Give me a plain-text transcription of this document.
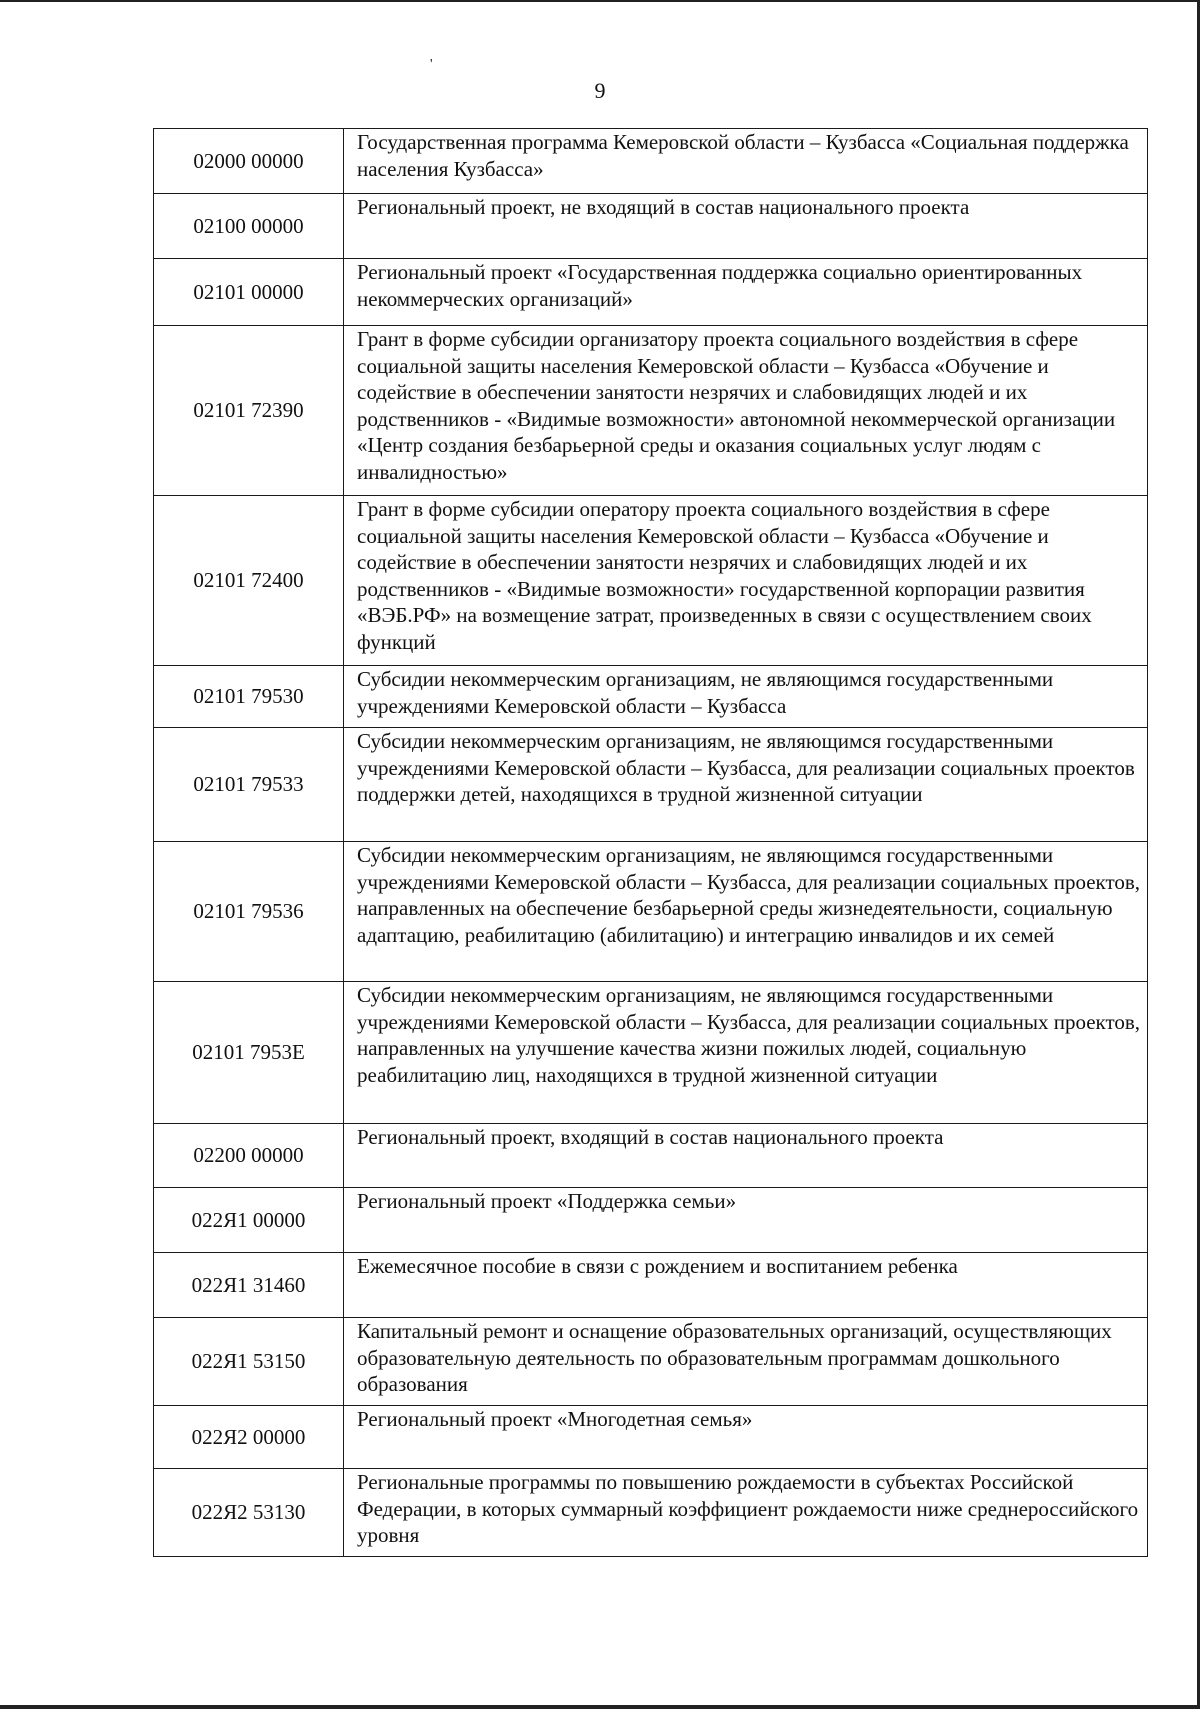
'
9
02000 00000	Государственная программа Кемеровской области – Кузбасса «Социальная поддержка населения Кузбасса»
02100 00000	Региональный проект, не входящий в состав национального проекта
02101 00000	Региональный проект «Государственная поддержка социально ориентированных некоммерческих организаций»
02101 72390	Грант в форме субсидии организатору проекта социального воздействия в сфере социальной защиты населения Кемеровской области – Кузбасса «Обучение и содействие в обеспечении занятости незрячих и слабовидящих людей и их родственников - «Видимые возможности» автономной некоммерческой организации «Центр создания безбарьерной среды и оказания социальных услуг людям с инвалидностью»
02101 72400	Грант в форме субсидии оператору проекта социального воздействия в сфере социальной защиты населения Кемеровской области – Кузбасса «Обучение и содействие в обеспечении занятости незрячих и слабовидящих людей и их родственников - «Видимые возможности» государственной корпорации развития «ВЭБ.РФ» на возмещение затрат, произведенных в связи с осуществлением своих функций
02101 79530	Субсидии некоммерческим организациям, не являющимся государственными учреждениями Кемеровской области – Кузбасса
02101 79533	Субсидии некоммерческим организациям, не являющимся государственными учреждениями Кемеровской области – Кузбасса, для реализации социальных проектов поддержки детей, находящихся в трудной жизненной ситуации
02101 79536	Субсидии некоммерческим организациям, не являющимся государственными учреждениями Кемеровской области – Кузбасса, для реализации социальных проектов, направленных на обеспечение безбарьерной среды жизнедеятельности, социальную адаптацию, реабилитацию (абилитацию) и интеграцию инвалидов и их семей
02101 7953Е	Субсидии некоммерческим организациям, не являющимся государственными учреждениями Кемеровской области – Кузбасса, для реализации социальных проектов, направленных на улучшение качества жизни пожилых людей, социальную реабилитацию лиц, находящихся в трудной жизненной ситуации
02200 00000	Региональный проект, входящий в состав национального проекта
022Я1 00000	Региональный проект «Поддержка семьи»
022Я1 31460	Ежемесячное пособие в связи с рождением и воспитанием ребенка
022Я1 53150	Капитальный ремонт и оснащение образовательных организаций, осуществляющих образовательную деятельность по образовательным программам дошкольного образования
022Я2 00000	Региональный проект «Многодетная семья»
022Я2 53130	Региональные программы по повышению рождаемости в субъектах Российской Федерации, в которых суммарный коэффициент рождаемости ниже среднероссийского уровня
